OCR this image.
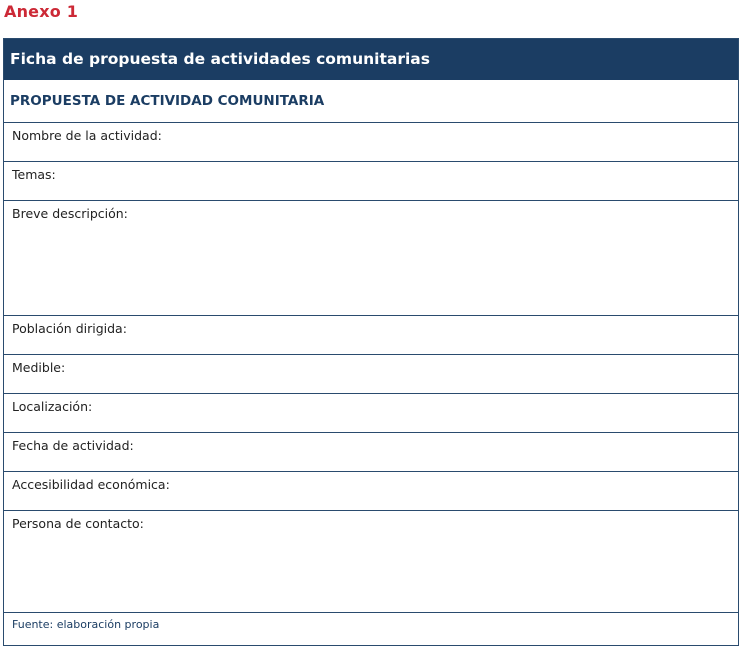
Anexo 1
Ficha de propuesta de actividades comunitarias
PROPUESTA DE ACTIVIDAD COMUNITARIA
Nombre de la actividad:
Temas:
Breve descripción:
Población dirigida:
Medible:
Localización:
Fecha de actividad:
Accesibilidad económica:
Persona de contacto:
Fuente: elaboración propia
